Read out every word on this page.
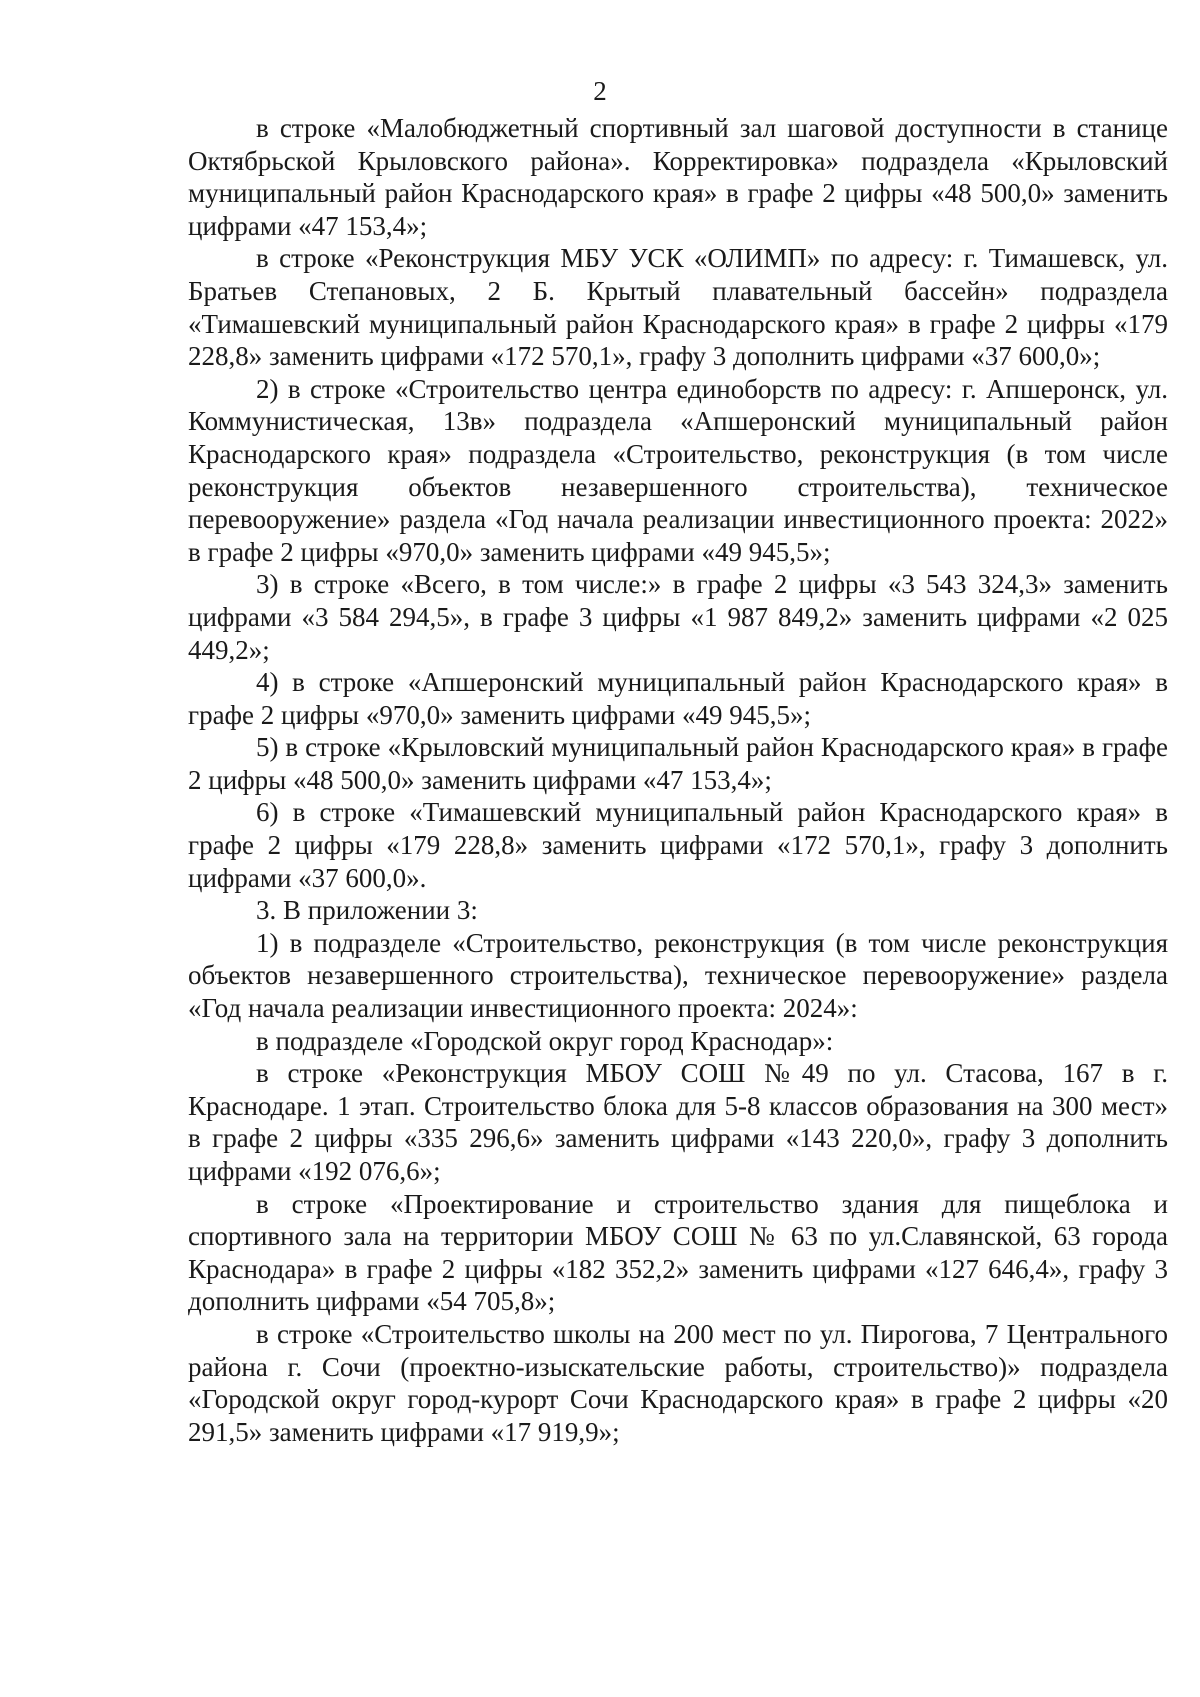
2

в строке «Малобюджетный спортивный зал шаговой доступности в станице Октябрьской Крыловского района». Корректировка» подраздела «Крыловский муниципальный район Краснодарского края» в графе 2 цифры «48 500,0» заменить цифрами «47 153,4»;

в строке «Реконструкция МБУ УСК «ОЛИМП» по адресу: г. Тимашевск, ул. Братьев Степановых, 2 Б. Крытый плавательный бассейн» подраздела «Тимашевский муниципальный район Краснодарского края» в графе 2 цифры «179 228,8» заменить цифрами «172 570,1», графу 3 дополнить цифрами «37 600,0»;

2) в строке «Строительство центра единоборств по адресу: г. Апшеронск, ул. Коммунистическая, 13в» подраздела «Апшеронский муниципальный район Краснодарского края» подраздела «Строительство, реконструкция (в том числе реконструкция объектов незавершенного строительства), техническое перевооружение» раздела «Год начала реализации инвестиционного проекта: 2022» в графе 2 цифры «970,0» заменить цифрами «49 945,5»;

3) в строке «Всего, в том числе:» в графе 2 цифры «3 543 324,3» заменить цифрами «3 584 294,5», в графе 3 цифры «1 987 849,2» заменить цифрами «2 025 449,2»;

4) в строке «Апшеронский муниципальный район Краснодарского края» в графе 2 цифры «970,0» заменить цифрами «49 945,5»;

5) в строке «Крыловский муниципальный район Краснодарского края» в графе 2 цифры «48 500,0» заменить цифрами «47 153,4»;

6) в строке «Тимашевский муниципальный район Краснодарского края» в графе 2 цифры «179 228,8» заменить цифрами «172 570,1», графу 3 дополнить цифрами «37 600,0».

3. В приложении 3:

1) в подразделе «Строительство, реконструкция (в том числе реконструкция объектов незавершенного строительства), техническое перевооружение» раздела «Год начала реализации инвестиционного проекта: 2024»:

в подразделе «Городской округ город Краснодар»:

в строке «Реконструкция МБОУ СОШ №49 по ул. Стасова, 167 в г. Краснодаре. 1 этап. Строительство блока для 5-8 классов образования на 300 мест» в графе 2 цифры «335 296,6» заменить цифрами «143 220,0», графу 3 дополнить цифрами «192 076,6»;

в строке «Проектирование и строительство здания для пищеблока и спортивного зала на территории МБОУ СОШ № 63 по ул.Славянской, 63 города Краснодара» в графе 2 цифры «182 352,2» заменить цифрами «127 646,4», графу 3 дополнить цифрами «54 705,8»;

в строке «Строительство школы на 200 мест по ул. Пирогова, 7 Центрального района г. Сочи (проектно-изыскательские работы, строительство)» подраздела «Городской округ город-курорт Сочи Краснодарского края» в графе 2 цифры «20 291,5» заменить цифрами «17 919,9»;
